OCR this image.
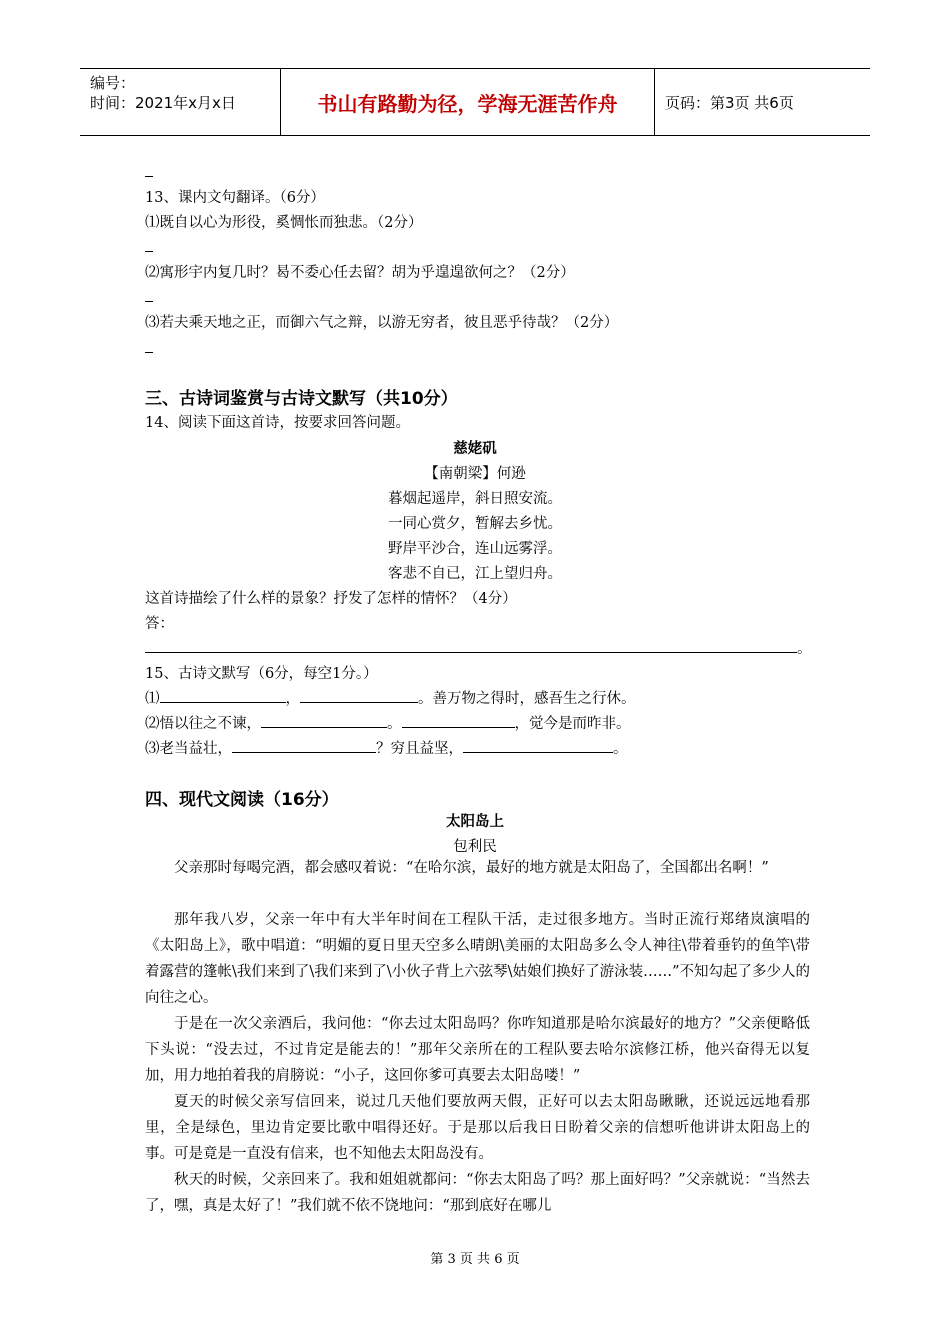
编号：
时间：2021年x月x日	书山有路勤为径，学海无涯苦作舟	页码：第3页 共6页
13、课内文句翻译。（6分）
⑴既自以心为形役，奚惆怅而独悲。（2分）
⑵寓形宇内复几时？曷不委心任去留？胡为乎遑遑欲何之？（2分）
⑶若夫乘天地之正，而御六气之辩，以游无穷者，彼且恶乎待哉？（2分）
三、古诗词鉴赏与古诗文默写（共10分）
14、阅读下面这首诗，按要求回答问题。
慈姥矶
【南朝梁】何逊
暮烟起遥岸，斜日照安流。
一同心赏夕，暂解去乡忧。
野岸平沙合，连山远雾浮。
客悲不自已，江上望归舟。
这首诗描绘了什么样的景象？抒发了怎样的情怀？（4分）
答：
。
15、古诗文默写（6分，每空1分。）
⑴	，	。善万物之得时，感吾生之行休。
⑵悟以往之不谏，	。	，觉今是而昨非。
⑶老当益壮，	？穷且益坚，	。
四、现代文阅读（16分）
太阳岛上
包利民
父亲那时每喝完酒，都会感叹着说：“在哈尔滨，最好的地方就是太阳岛了，全国都出名啊！”
那年我八岁，父亲一年中有大半年时间在工程队干活，走过很多地方。当时正流行郑绪岚演唱的《太阳岛上》，歌中唱道：“明媚的夏日里天空多么晴朗\美丽的太阳岛多么令人神往\带着垂钓的鱼竿\带着露营的篷帐\我们来到了\我们来到了\小伙子背上六弦琴\姑娘们换好了游泳装……”不知勾起了多少人的向往之心。
于是在一次父亲酒后，我问他：“你去过太阳岛吗？你咋知道那是哈尔滨最好的地方？”父亲便略低下头说：“没去过，不过肯定是能去的！”那年父亲所在的工程队要去哈尔滨修江桥，他兴奋得无以复加，用力地拍着我的肩膀说：“小子，这回你爹可真要去太阳岛喽！”
夏天的时候父亲写信回来，说过几天他们要放两天假，正好可以去太阳岛瞅瞅，还说远远地看那里，全是绿色，里边肯定要比歌中唱得还好。于是那以后我日日盼着父亲的信想听他讲讲太阳岛上的事。可是竟是一直没有信来，也不知他去太阳岛没有。
秋天的时候，父亲回来了。我和姐姐就都问：“你去太阳岛了吗？那上面好吗？”父亲就说：“当然去了，嘿，真是太好了！”我们就不依不饶地问：“那到底好在哪儿
第 3 页 共 6 页
